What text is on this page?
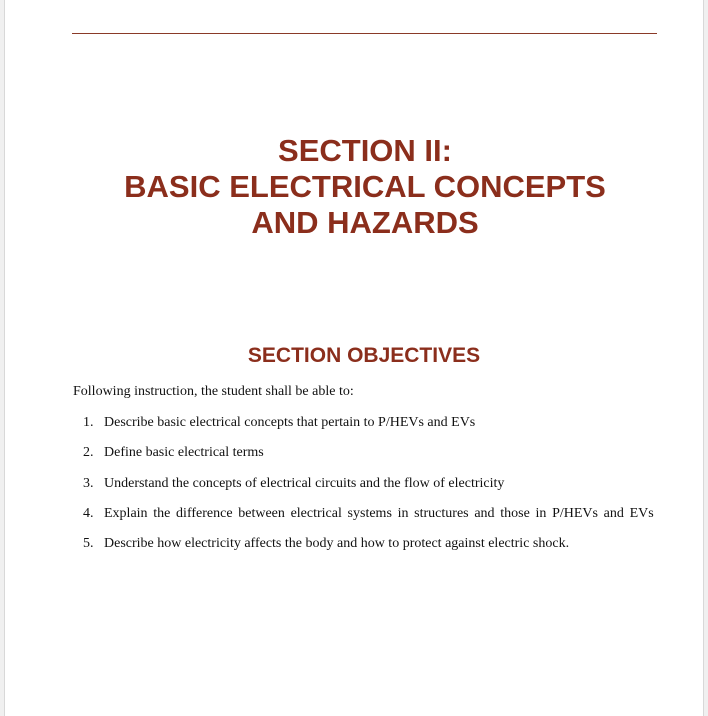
SECTION II:
BASIC ELECTRICAL CONCEPTS
AND HAZARDS
SECTION OBJECTIVES

Following instruction, the student shall be able to:

1. Describe basic electrical concepts that pertain to P/HEVs and EVs
2. Define basic electrical terms
3. Understand the concepts of electrical circuits and the flow of electricity
4. Explain the difference between electrical systems in structures and those in P/HEVs and EVs
5. Describe how electricity affects the body and how to protect against electric shock.
